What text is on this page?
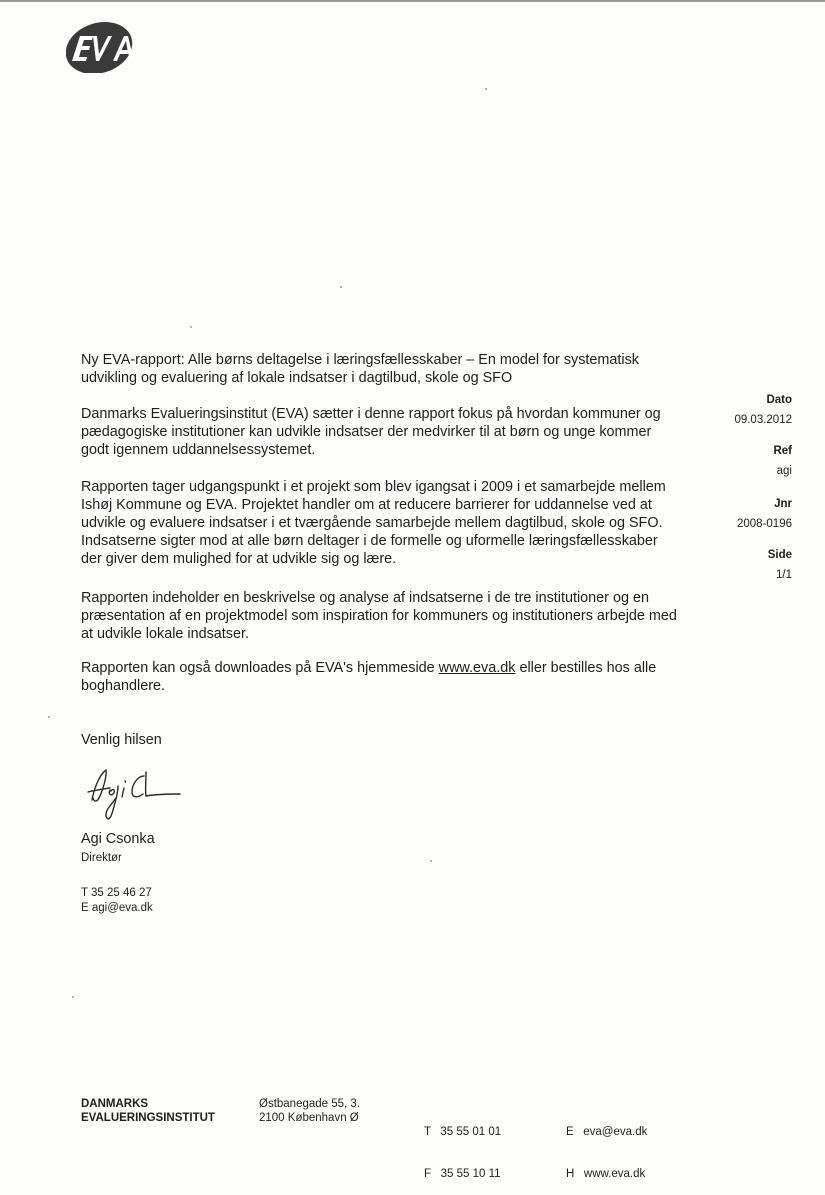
Ny EVA-rapport: Alle børns deltagelse i læringsfællesskaber – En model for systematisk udvikling og evaluering af lokale indsatser i dagtilbud, skole og SFO

Danmarks Evalueringsinstitut (EVA) sætter i denne rapport fokus på hvordan kommuner og pædagogiske institutioner kan udvikle indsatser der medvirker til at børn og unge kommer godt igennem uddannelsessystemet.

Rapporten tager udgangspunkt i et projekt som blev igangsat i 2009 i et samarbejde mellem Ishøj Kommune og EVA. Projektet handler om at reducere barrierer for uddannelse ved at udvikle og evaluere indsatser i et tværgående samarbejde mellem dagtilbud, skole og SFO. Indsatserne sigter mod at alle børn deltager i de formelle og uformelle læringsfællesskaber der giver dem mulighed for at udvikle sig og lære.

Rapporten indeholder en beskrivelse og analyse af indsatserne i de tre institutioner og en præsentation af en projektmodel som inspiration for kommuners og institutioners arbejde med at udvikle lokale indsatser.

Rapporten kan også downloades på EVA's hjemmeside www.eva.dk eller bestilles hos alle boghandlere.

Venlig hilsen

Agi Csonka

Direktør

T 35 25 46 27

E agi@eva.dk

Dato
09.03.2012
Ref
agi
Jnr
2008-0196
Side
1/1
DANMARKS
EVALUERINGSINSTITUT
Østbanegade 55, 3.
2100 København Ø

T   35 55 01 01

F   35 55 10 11

E   eva@eva.dk

H   www.eva.dk
